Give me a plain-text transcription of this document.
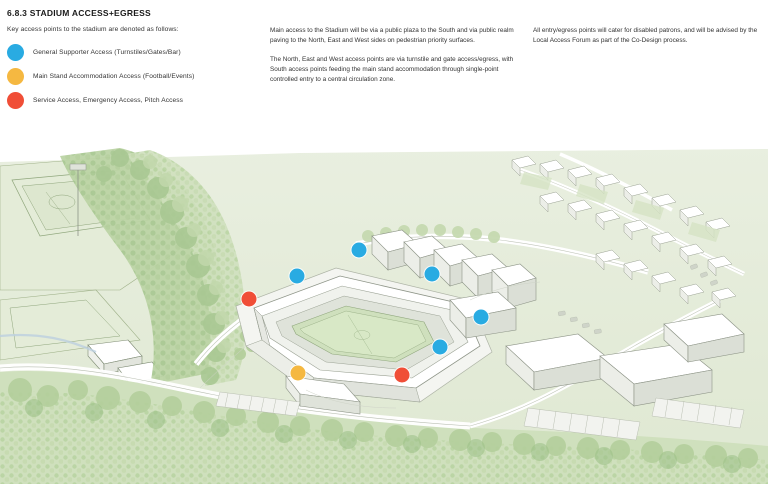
6.8.3 STADIUM ACCESS+EGRESS
Key access points to the stadium are denoted as follows:
General Supporter Access (Turnstiles/Gates/Bar)
Main Stand Accommodation Access (Football/Events)
Service Access, Emergency Access, Pitch Access

Main access to the Stadium will be via a public plaza to the South and via public realm paving to the North, East and West sides on pedestrian priority surfaces.

The North, East and West access points are via turnstile and gate access/egress, with South access points feeding the main stand accommodation through single-point controlled entry to a central circulation zone.

All entry/egress points will cater for disabled patrons, and will be advised by the Local Access Forum as part of the Co-Design process.
